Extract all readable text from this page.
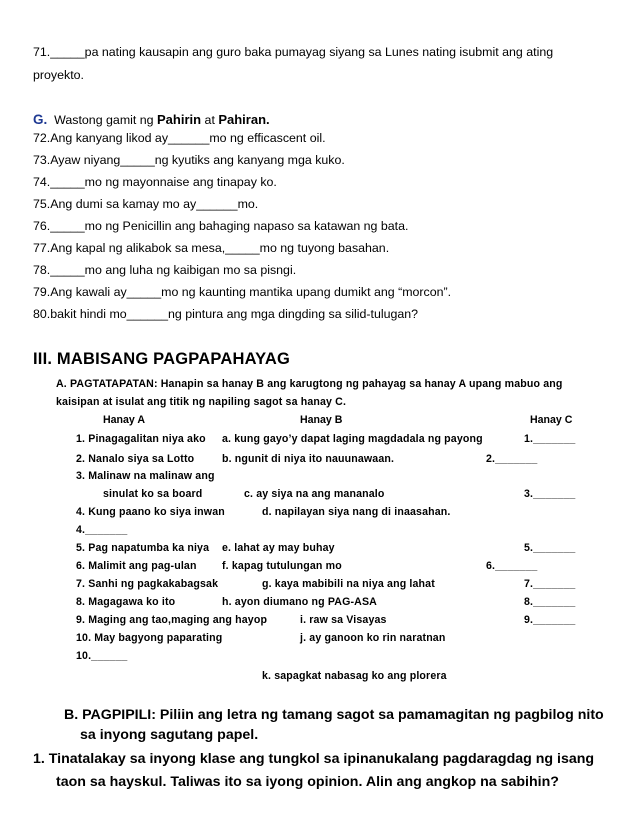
71._____pa nating kausapin ang guro baka pumayag siyang sa Lunes nating isubmit ang ating
proyekto.
G. Wastong gamit ng Pahirin at Pahiran.
72.Ang kanyang likod ay______mo ng efficascent oil.
73.Ayaw niyang_____ng kyutiks ang kanyang mga kuko.
74._____mo ng mayonnaise ang tinapay ko.
75.Ang dumi sa kamay mo ay______mo.
76._____mo ng Penicillin ang bahaging napaso sa katawan ng bata.
77.Ang kapal ng alikabok sa mesa,_____mo ng tuyong basahan.
78._____mo ang luha ng kaibigan mo sa pisngi.
79.Ang kawali ay_____mo ng kaunting mantika upang dumikt ang “morcon”.
80.bakit hindi mo______ng pintura ang mga dingding sa silid-tulugan?
III. MABISANG PAGPAPAHAYAG
A. PAGTATAPATAN: Hanapin sa hanay B ang karugtong ng pahayag sa hanay A upang mabuo ang
kaisipan at isulat ang titik ng napiling sagot sa hanay C.
Hanay A	Hanay B	Hanay C
1. Pinagagalitan niya ako a. kung gayo’y dapat laging magdadala ng payong	1._______
2. Nanalo siya sa Lotto	b. ngunit di niya ito nauunawaan.	2._______
3. Malinaw na malinaw ang
sinulat ko sa board	c. ay siya na ang mananalo	3._______
4. Kung paano ko siya inwan	d. napilayan siya nang di inaasahan.
4._______
5. Pag napatumba ka niya e. lahat ay may buhay	5._______
6. Malimit ang pag-ulan f. kapag tutulungan mo	6._______
7. Sanhi ng pagkakabagsak	g. kaya mabibili na niya ang lahat	7._______
8. Magagawa ko ito	h. ayon diumano ng PAG-ASA	8._______
9. Maging ang tao,maging ang hayop	i. raw sa Visayas	9._______
10. May bagyong paparating	j. ay ganoon ko rin naratnan
10.______
k. sapagkat nabasag ko ang plorera
B. PAGPIPILI: Piliin ang letra ng tamang sagot sa pamamagitan ng pagbilog nito
sa inyong sagutang papel.
1. Tinatalakay sa inyong klase ang tungkol sa ipinanukalang pagdaragdag ng isang
taon sa hayskul. Taliwas ito sa iyong opinion. Alin ang angkop na sabihin?
